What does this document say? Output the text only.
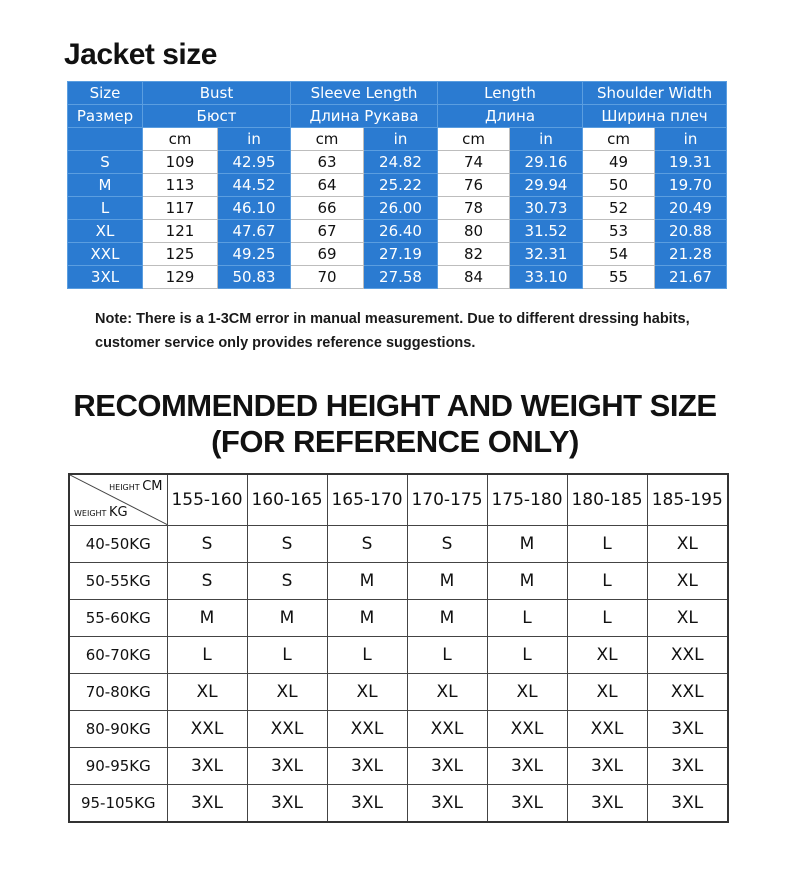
Jacket size
Size	Bust		Sleeve Length		Length		Shoulder Width	
Размер	Бюст		Длина Рукава		Длина		Ширина плеч	
	cm	in	cm	in	cm	in	cm	in
S	109	42.95	63	24.82	74	29.16	49	19.31
M	113	44.52	64	25.22	76	29.94	50	19.70
L	117	46.10	66	26.00	78	30.73	52	20.49
XL	121	47.67	67	26.40	80	31.52	53	20.88
XXL	125	49.25	69	27.19	82	32.31	54	21.28
3XL	129	50.83	70	27.58	84	33.10	55	21.67
Note: There is a 1-3CM error in manual measurement. Due to different dressing habits, customer service only provides reference suggestions.
RECOMMENDED HEIGHT AND WEIGHT SIZE
(FOR REFERENCE ONLY)
HEIGHT CM
WEIGHT KG	155-160	160-165	165-170	170-175	175-180	180-185	185-195
40-50KG	S	S	S	S	M	L	XL
50-55KG	S	S	M	M	M	L	XL
55-60KG	M	M	M	M	L	L	XL
60-70KG	L	L	L	L	L	XL	XXL
70-80KG	XL	XL	XL	XL	XL	XL	XXL
80-90KG	XXL	XXL	XXL	XXL	XXL	XXL	3XL
90-95KG	3XL	3XL	3XL	3XL	3XL	3XL	3XL
95-105KG	3XL	3XL	3XL	3XL	3XL	3XL	3XL
